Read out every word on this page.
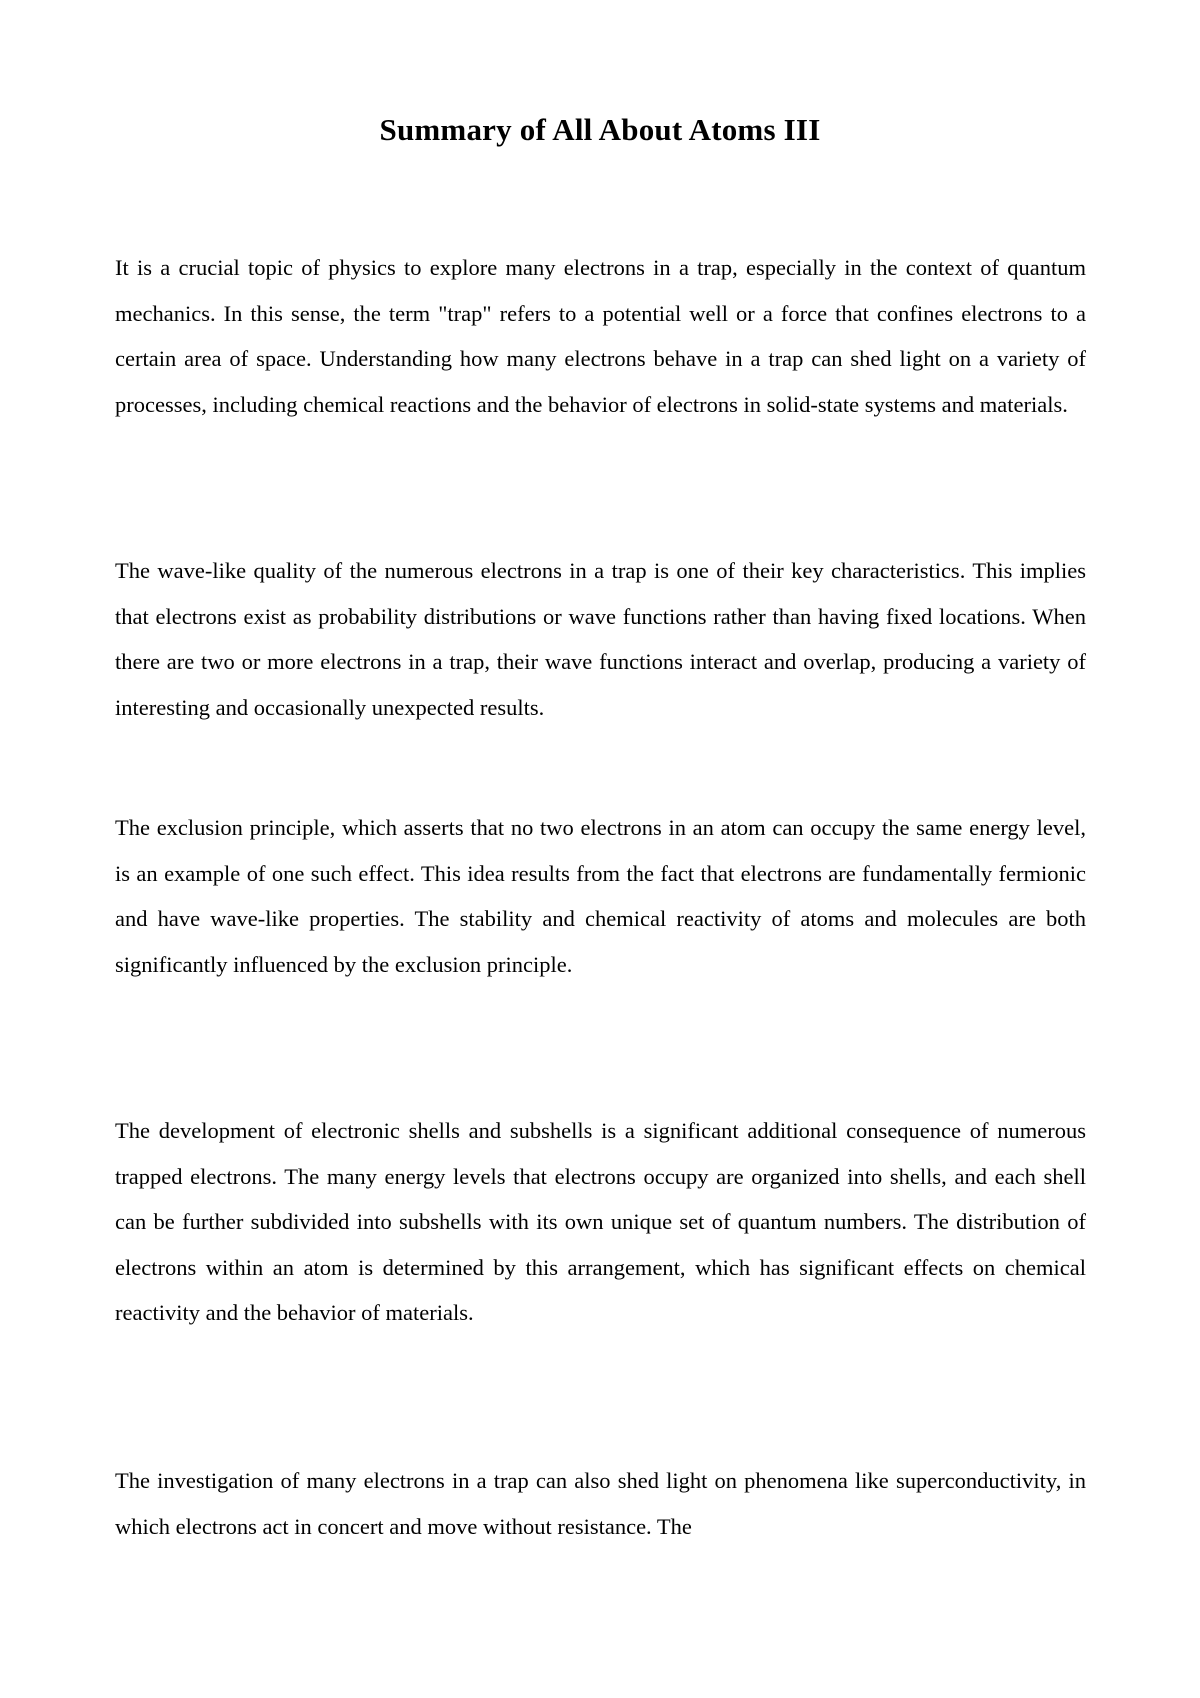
Summary of All About Atoms III

It is a crucial topic of physics to explore many electrons in a trap, especially in the context of quantum mechanics. In this sense, the term "trap" refers to a potential well or a force that confines electrons to a certain area of space. Understanding how many electrons behave in a trap can shed light on a variety of processes, including chemical reactions and the behavior of electrons in solid-state systems and materials.

The wave-like quality of the numerous electrons in a trap is one of their key characteristics. This implies that electrons exist as probability distributions or wave functions rather than having fixed locations. When there are two or more electrons in a trap, their wave functions interact and overlap, producing a variety of interesting and occasionally unexpected results.

The exclusion principle, which asserts that no two electrons in an atom can occupy the same energy level, is an example of one such effect. This idea results from the fact that electrons are fundamentally fermionic and have wave-like properties. The stability and chemical reactivity of atoms and molecules are both significantly influenced by the exclusion principle.

The development of electronic shells and subshells is a significant additional consequence of numerous trapped electrons. The many energy levels that electrons occupy are organized into shells, and each shell can be further subdivided into subshells with its own unique set of quantum numbers. The distribution of electrons within an atom is determined by this arrangement, which has significant effects on chemical reactivity and the behavior of materials.

The investigation of many electrons in a trap can also shed light on phenomena like superconductivity, in which electrons act in concert and move without resistance. The
